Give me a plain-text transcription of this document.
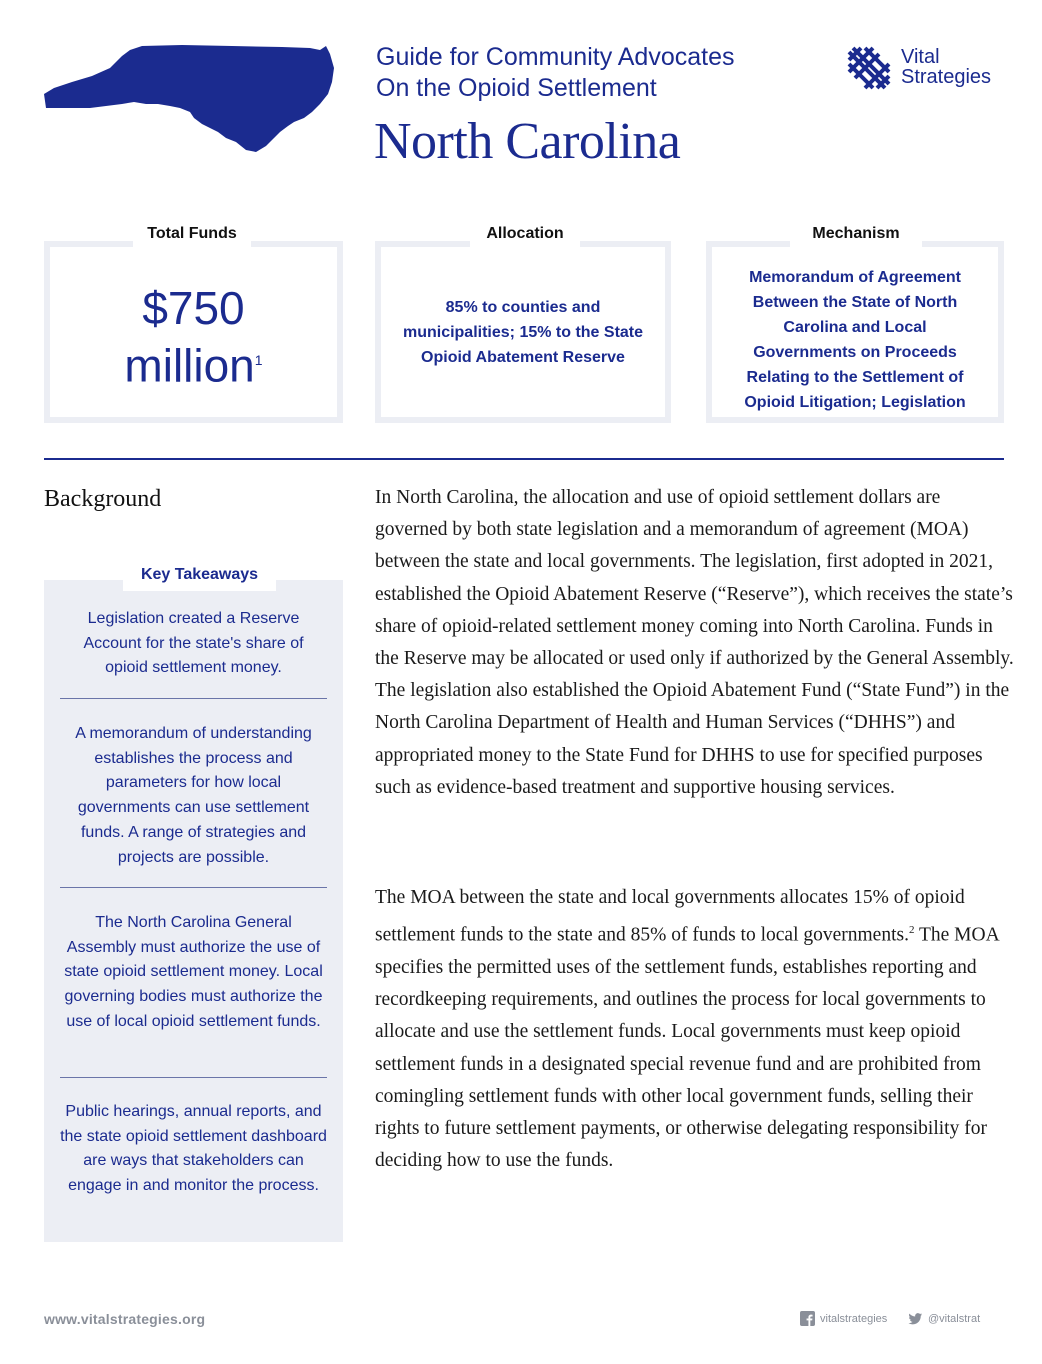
Guide for Community Advocates
On the Opioid Settlement
North Carolina
Vital
Strategies
$750
million$^1$
Total Funds
85% to counties and municipalities; 15% to the State Opioid Abatement Reserve
Allocation
Memorandum of Agreement Between the State of North Carolina and Local Governments on Proceeds Relating to the Settlement of Opioid Litigation; Legislation
Mechanism
Background
Key Takeaways
Legislation created a Reserve Account for the state's share of opioid settlement money.
A memorandum of understanding establishes the process and parameters for how local governments can use settlement funds. A range of strategies and projects are possible.
The North Carolina General Assembly must authorize the use of state opioid settlement money. Local governing bodies must authorize the use of local opioid settlement funds.
Public hearings, annual reports, and the state opioid settlement dashboard are ways that stakeholders can engage in and monitor the process.
In North Carolina, the allocation and use of opioid settlement dollars are governed by both state legislation and a memorandum of agreement (MOA) between the state and local governments. The legislation, first adopted in 2021, established the Opioid Abatement Reserve (“Reserve”), which receives the state’s share of opioid-related settlement money coming into North Carolina. Funds in the Reserve may be allocated or used only if authorized by the General Assembly. The legislation also established the Opioid Abatement Fund (“State Fund”) in the North Carolina Department of Health and Human Services (“DHHS”) and appropriated money to the State Fund for DHHS to use for specified purposes such as evidence-based treatment and supportive housing services.
The MOA between the state and local governments allocates 15% of opioid settlement funds to the state and 85% of funds to local governments.$^2$ The MOA specifies the permitted uses of the settlement funds, establishes reporting and recordkeeping requirements, and outlines the process for local governments to allocate and use the settlement funds. Local governments must keep opioid settlement funds in a designated special revenue fund and are prohibited from comingling settlement funds with other local government funds, selling their rights to future settlement payments, or otherwise delegating responsibility for deciding how to use the funds.
www.vitalstrategies.org	vitalstrategies	@vitalstrat
